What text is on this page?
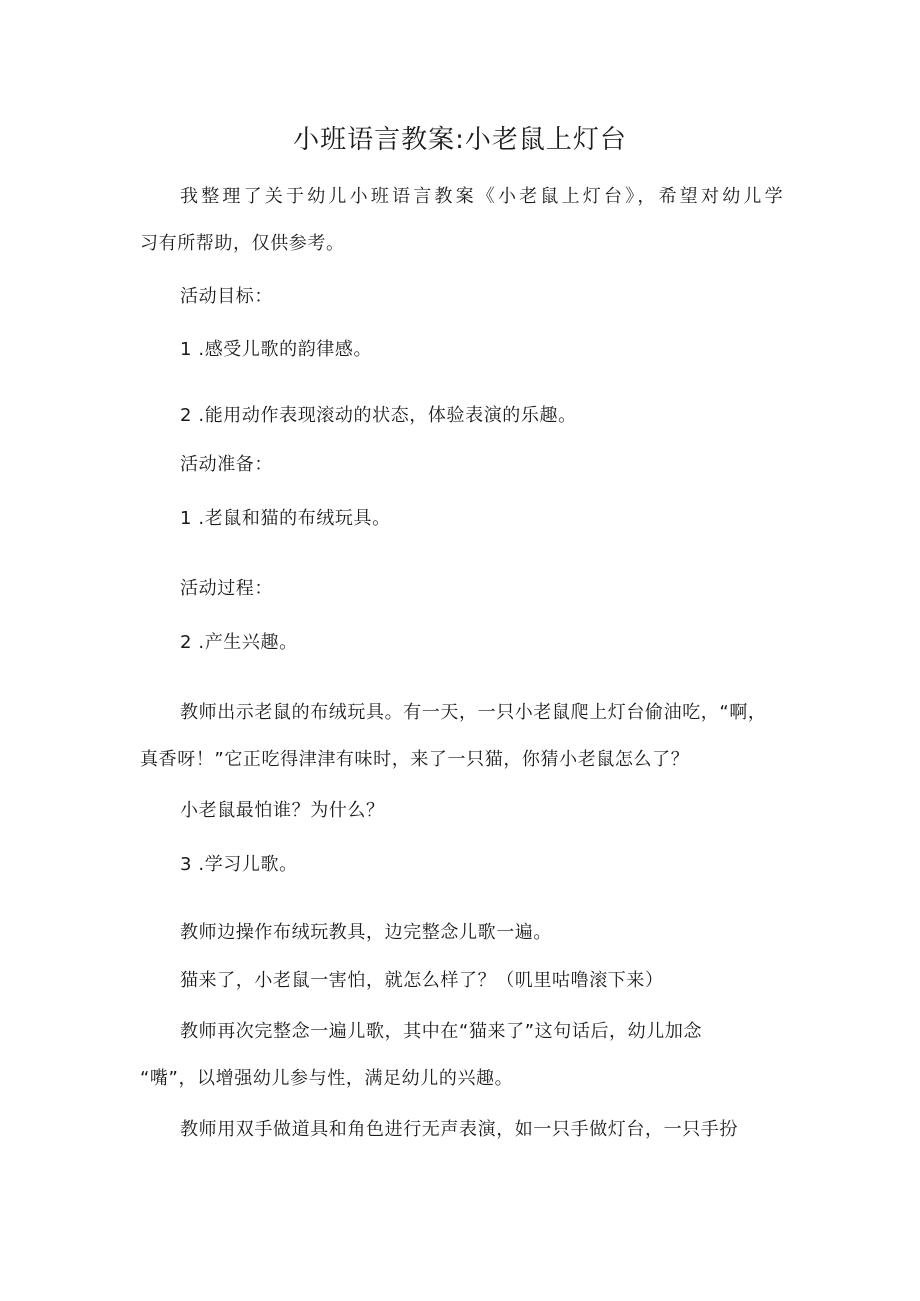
小班语言教案:小老鼠上灯台
我整理了关于幼儿小班语言教案《小老鼠上灯台》，希望对幼儿学
习有所帮助，仅供参考。
活动目标：
1 .感受儿歌的韵律感。
2 .能用动作表现滚动的状态，体验表演的乐趣。
活动准备：
1 .老鼠和猫的布绒玩具。
活动过程：
2 .产生兴趣。
教师出示老鼠的布绒玩具。有一天，一只小老鼠爬上灯台偷油吃，“啊，
真香呀！”它正吃得津津有味时，来了一只猫，你猜小老鼠怎么了？
小老鼠最怕谁？为什么？
3 .学习儿歌。
教师边操作布绒玩教具，边完整念儿歌一遍。
猫来了，小老鼠一害怕，就怎么样了？（叽里咕噜滚下来）
教师再次完整念一遍儿歌，其中在“猫来了”这句话后，幼儿加念
“嘴”，以增强幼儿参与性，满足幼儿的兴趣。
教师用双手做道具和角色进行无声表演，如一只手做灯台，一只手扮
